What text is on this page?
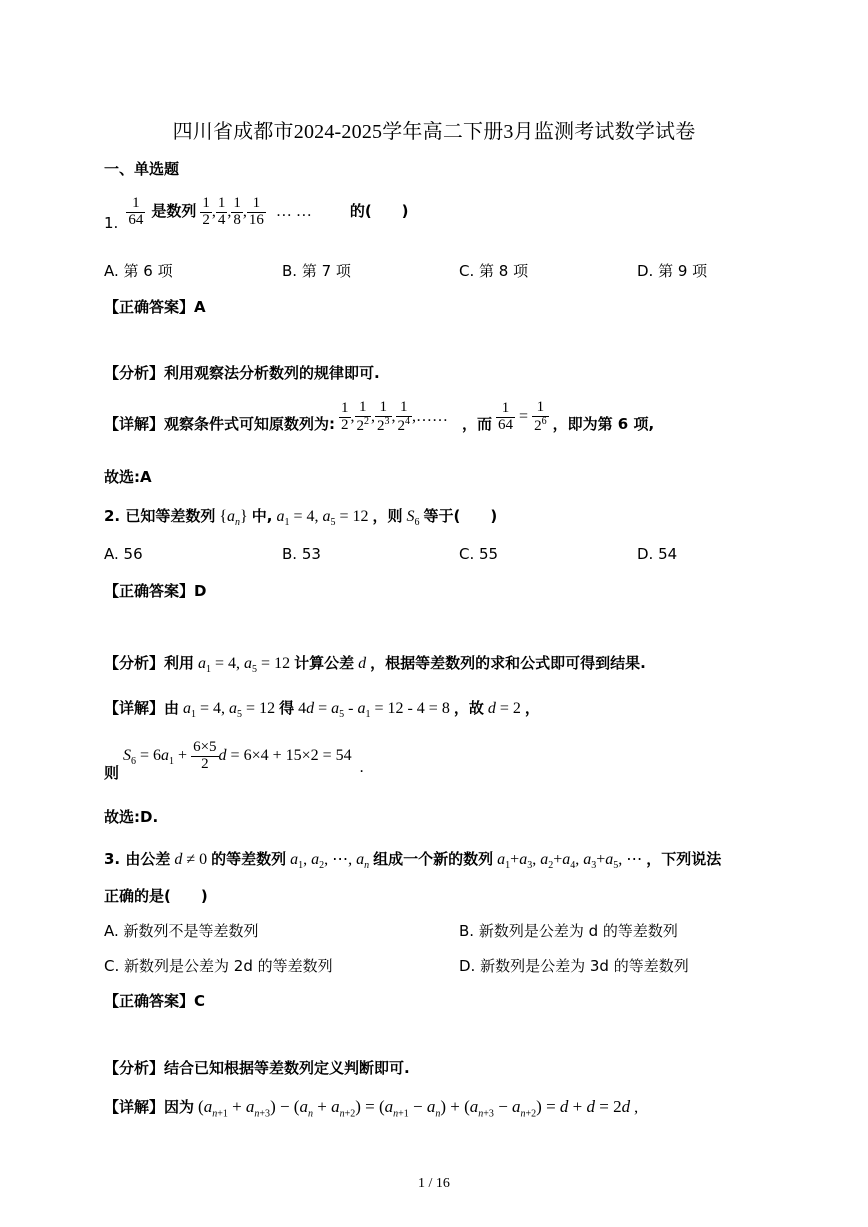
四川省成都市2024-2025学年高二下册3月监测考试数学试卷
一、单选题
1. $\frac{1}{64}$ 是数列 $\frac{1}{2}$ , $\frac{1}{4}$ , $\frac{1}{8}$ , $\frac{1}{16}$ … …	的(　　)
A. 第 6 项	B. 第 7 项	C. 第 8 项	D. 第 9 项
【正确答案】A
【分析】利用观察法分析数列的规律即可.
【详解】观察条件式可知原数列为: $\frac{1}{2}$ , $\frac{1}{2^2}$ , $\frac{1}{2^3}$ , $\frac{1}{2^4}$ ,…… ，而 $\frac{1}{64} = \frac{1}{2^6}$ ，即为第 6 项,
故选:A
2. 已知等差数列 $\{a_n\}$ 中, $a_1 = 4$, $a_5 = 12$ ，则 $S_6$ 等于(　　)
A. 56	B. 53	C. 55	D. 54
【正确答案】D
【分析】利用 $a_1 = 4$, $a_5 = 12$ 计算公差 d ，根据等差数列的求和公式即可得到结果.
【详解】由 $a_1 = 4$, $a_5 = 12$ 得 $4d = a_5 - a_1 = 12 - 4 = 8$ ，故 d = 2 ，
则 $S_6 = 6a_1 + \frac{6\times 5}{2}$ d = 6×4 + 15×2 = 54 .
故选:D.
3. 由公差 d ≠ 0 的等差数列 $a_1$, $a_2$, ⋯, $a_n$ 组成一个新的数列 $a_1+a_3$, $a_2+a_4$, $a_3+a_5$, ⋯ ，下列说法
正确的是(　　)
A. 新数列不是等差数列	B. 新数列是公差为 d 的等差数列
C. 新数列是公差为 2d 的等差数列	D. 新数列是公差为 3d 的等差数列
【正确答案】C
【分析】结合已知根据等差数列定义判断即可.
【详解】因为 $(a_{n+1} + a_{n+3}) - (a_n + a_{n+2}) = (a_{n+1} - a_n) + (a_{n+3} - a_{n+2}) = d + d = 2d$ ,
1 / 16
